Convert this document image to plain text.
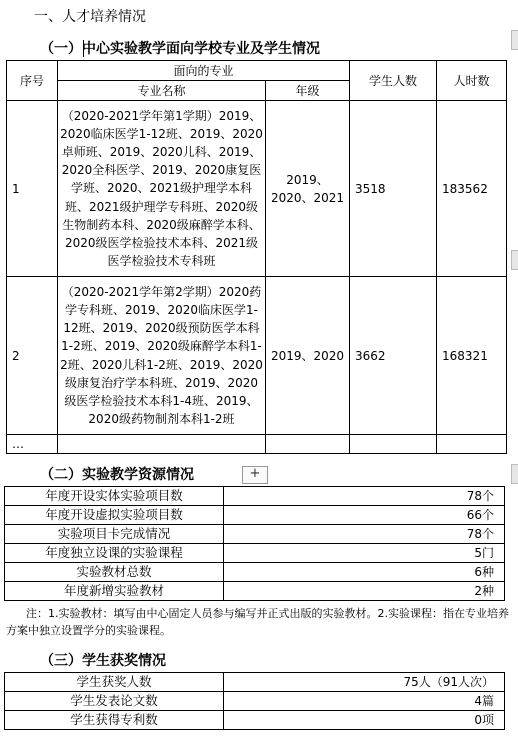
一、人才培养情况
（一）中心实验教学面向学校专业及学生情况
序号	面向的专业		学生人数	人时数
	专业名称	年级		
1	（2020-2021学年第1学期）2019、2020临床医学1-12班、2019、2020卓师班、2019、2020儿科、2019、2020全科医学、2019、2020康复医学班、2020、2021级护理学本科班、2021级护理学专科班、2020级生物制药本科、2020级麻醉学本科、2020级医学检验技术本科、2021级医学检验技术专科班	2019、2020、2021	3518	183562
2	（2020-2021学年第2学期）2020药学专科班、2019、2020临床医学1-12班、2019、2020级预防医学本科1-2班、2019、2020级麻醉学本科1-2班、2020儿科1-2班、2019、2020级康复治疗学本科班、2019、2020级医学检验技术本科1-4班、2019、2020级药物制剂本科1-2班	2019、2020	3662	168321
…				
（二）实验教学资源情况	+
年度开设实体实验项目数	78个
年度开设虚拟实验项目数	66个
实验项目卡完成情况	78个
年度独立设课的实验课程	5门
实验教材总数	6种
年度新增实验教材	2种
注：1.实验教材：填写由中心固定人员参与编写并正式出版的实验教材。2.实验课程：指在专业培养方案中独立设置学分的实验课程。
（三）学生获奖情况
学生获奖人数	75人（91人次）
学生发表论文数	4篇
学生获得专利数	0项
